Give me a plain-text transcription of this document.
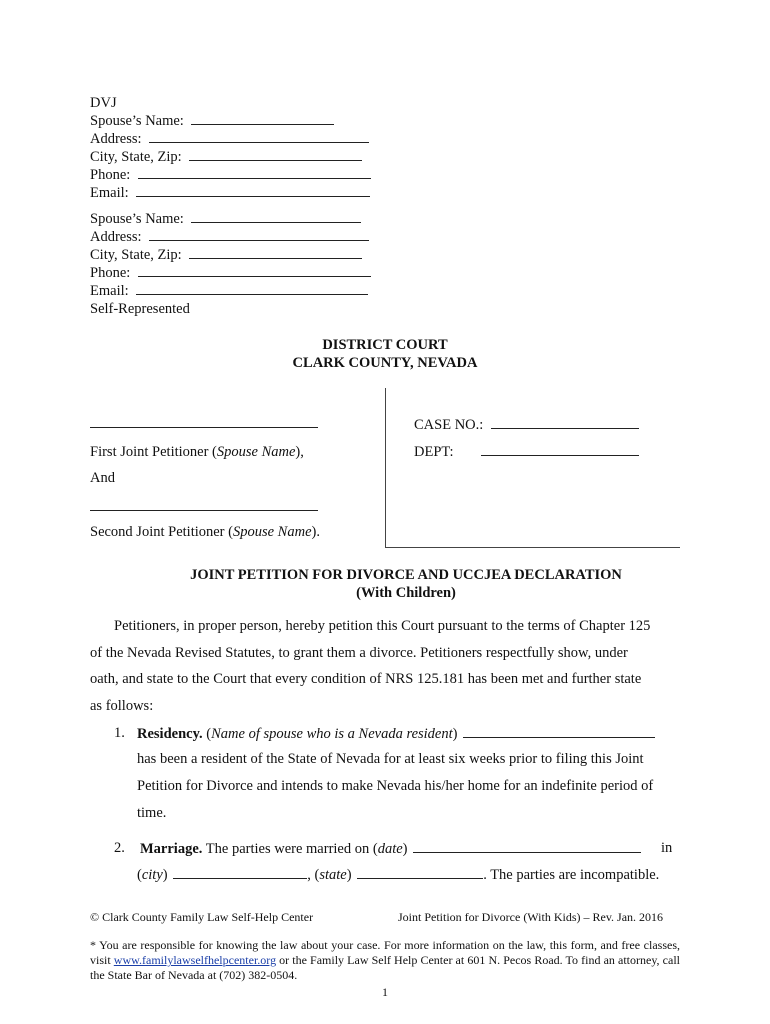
DVJ
Spouse’s Name:
Address:
City, State, Zip:
Phone:
Email:
Spouse’s Name:
Address:
City, State, Zip:
Phone:
Email:
Self-Represented
DISTRICT COURT
CLARK COUNTY, NEVADA
First Joint Petitioner (Spouse Name),
And
Second Joint Petitioner (Spouse Name).
CASE NO.:
DEPT:
JOINT PETITION FOR DIVORCE AND UCCJEA DECLARATION
(With Children)
Petitioners, in proper person, hereby petition this Court pursuant to the terms of Chapter 125
of the Nevada Revised Statutes, to grant them a divorce. Petitioners respectfully show, under
oath, and state to the Court that every condition of NRS 125.181 has been met and further state
as follows:
1. Residency. (Name of spouse who is a Nevada resident)
has been a resident of the State of Nevada for at least six weeks prior to filing this Joint
Petition for Divorce and intends to make Nevada his/her home for an indefinite period of
time.
2. Marriage. The parties were married on (date)	in
(city)	, (state)	. The parties are incompatible.
© Clark County Family Law Self-Help Center	Joint Petition for Divorce (With Kids) – Rev. Jan. 2016
* You are responsible for knowing the law about your case. For more information on the law, this form, and free classes, visit www.familylawselfhelpcenter.org or the Family Law Self Help Center at 601 N. Pecos Road. To find an attorney, call the State Bar of Nevada at (702) 382-0504.
1
